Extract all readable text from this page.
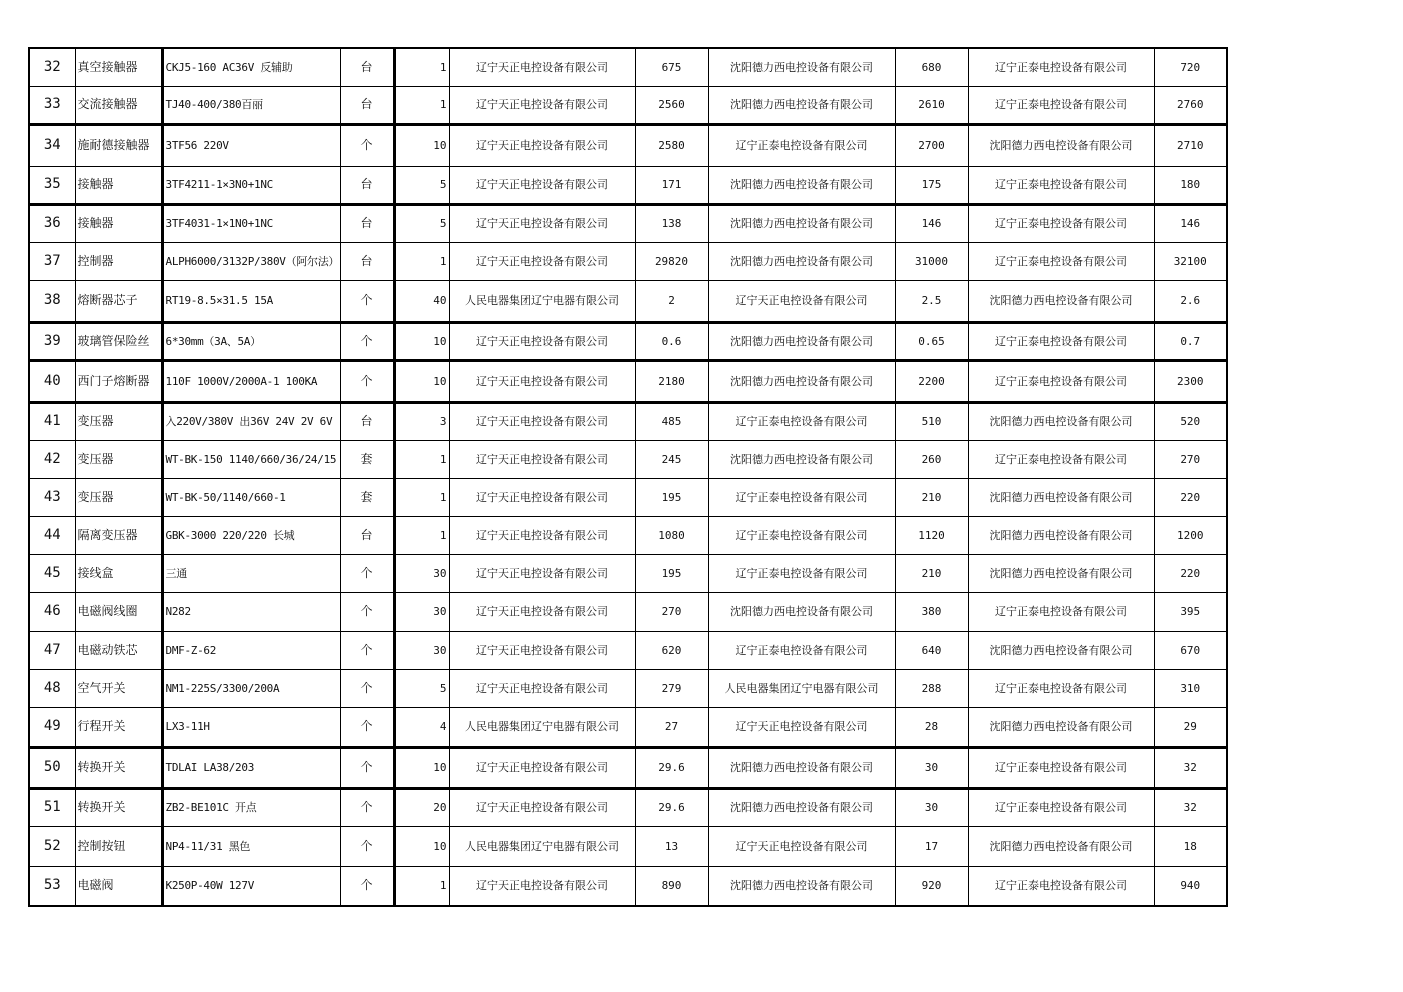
32	真空接触器	CKJ5-160 AC36V 反辅助	台	1	辽宁天正电控设备有限公司	675	沈阳德力西电控设备有限公司	680	辽宁正泰电控设备有限公司	720
33	交流接触器	TJ40-400/380百丽	台	1	辽宁天正电控设备有限公司	2560	沈阳德力西电控设备有限公司	2610	辽宁正泰电控设备有限公司	2760
34	施耐德接触器	3TF56 220V	个	10	辽宁天正电控设备有限公司	2580	辽宁正泰电控设备有限公司	2700	沈阳德力西电控设备有限公司	2710
35	接触器	3TF4211-1×3N0+1NC	台	5	辽宁天正电控设备有限公司	171	沈阳德力西电控设备有限公司	175	辽宁正泰电控设备有限公司	180
36	接触器	3TF4031-1×1N0+1NC	台	5	辽宁天正电控设备有限公司	138	沈阳德力西电控设备有限公司	146	辽宁正泰电控设备有限公司	146
37	控制器	ALPH6000/3132P/380V（阿尔法）	台	1	辽宁天正电控设备有限公司	29820	沈阳德力西电控设备有限公司	31000	辽宁正泰电控设备有限公司	32100
38	熔断器芯子	RT19-8.5×31.5 15A	个	40	人民电器集团辽宁电器有限公司	2	辽宁天正电控设备有限公司	2.5	沈阳德力西电控设备有限公司	2.6
39	玻璃管保险丝	6*30mm（3A、5A）	个	10	辽宁天正电控设备有限公司	0.6	沈阳德力西电控设备有限公司	0.65	辽宁正泰电控设备有限公司	0.7
40	西门子熔断器	110F 1000V/2000A-1 100KA	个	10	辽宁天正电控设备有限公司	2180	沈阳德力西电控设备有限公司	2200	辽宁正泰电控设备有限公司	2300
41	变压器	入220V/380V 出36V 24V 2V 6V	台	3	辽宁天正电控设备有限公司	485	辽宁正泰电控设备有限公司	510	沈阳德力西电控设备有限公司	520
42	变压器	WT-BK-150 1140/660/36/24/15	套	1	辽宁天正电控设备有限公司	245	沈阳德力西电控设备有限公司	260	辽宁正泰电控设备有限公司	270
43	变压器	WT-BK-50/1140/660-1	套	1	辽宁天正电控设备有限公司	195	辽宁正泰电控设备有限公司	210	沈阳德力西电控设备有限公司	220
44	隔离变压器	GBK-3000 220/220 长城	台	1	辽宁天正电控设备有限公司	1080	辽宁正泰电控设备有限公司	1120	沈阳德力西电控设备有限公司	1200
45	接线盒	三通	个	30	辽宁天正电控设备有限公司	195	辽宁正泰电控设备有限公司	210	沈阳德力西电控设备有限公司	220
46	电磁阀线圈	N282	个	30	辽宁天正电控设备有限公司	270	沈阳德力西电控设备有限公司	380	辽宁正泰电控设备有限公司	395
47	电磁动铁芯	DMF-Z-62	个	30	辽宁天正电控设备有限公司	620	辽宁正泰电控设备有限公司	640	沈阳德力西电控设备有限公司	670
48	空气开关	NM1-225S/3300/200A	个	5	辽宁天正电控设备有限公司	279	人民电器集团辽宁电器有限公司	288	辽宁正泰电控设备有限公司	310
49	行程开关	LX3-11H	个	4	人民电器集团辽宁电器有限公司	27	辽宁天正电控设备有限公司	28	沈阳德力西电控设备有限公司	29
50	转换开关	TDLAI LA38/203	个	10	辽宁天正电控设备有限公司	29.6	沈阳德力西电控设备有限公司	30	辽宁正泰电控设备有限公司	32
51	转换开关	ZB2-BE101C 开点	个	20	辽宁天正电控设备有限公司	29.6	沈阳德力西电控设备有限公司	30	辽宁正泰电控设备有限公司	32
52	控制按钮	NP4-11/31 黑色	个	10	人民电器集团辽宁电器有限公司	13	辽宁天正电控设备有限公司	17	沈阳德力西电控设备有限公司	18
53	电磁阀	K250P-40W 127V	个	1	辽宁天正电控设备有限公司	890	沈阳德力西电控设备有限公司	920	辽宁正泰电控设备有限公司	940
